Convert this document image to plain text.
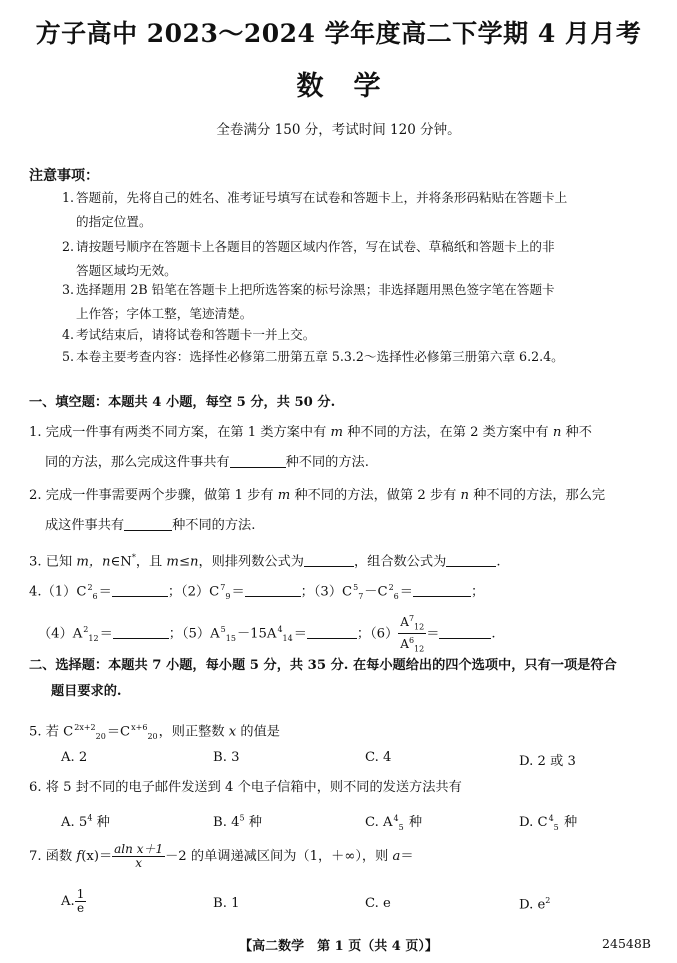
方子高中 2023～2024 学年度高二下学期 4 月月考
数学
全卷满分 150 分，考试时间 120 分钟。
注意事项：
1. 答题前，先将自己的姓名、准考证号填写在试卷和答题卡上，并将条形码粘贴在答题卡上
的指定位置。
2. 请按题号顺序在答题卡上各题目的答题区域内作答，写在试卷、草稿纸和答题卡上的非
答题区域均无效。
3. 选择题用 2B 铅笔在答题卡上把所选答案的标号涂黑；非选择题用黑色签字笔在答题卡
上作答；字体工整，笔迹清楚。
4. 考试结束后，请将试卷和答题卡一并上交。
5. 本卷主要考查内容：选择性必修第二册第五章 5.3.2～选择性必修第三册第六章 6.2.4。
一、填空题：本题共 4 小题，每空 5 分，共 50 分.
1. 完成一件事有两类不同方案，在第 1 类方案中有 m 种不同的方法，在第 2 类方案中有 n 种不
同的方法，那么完成这件事共有	种不同的方法.
2. 完成一件事需要两个步骤，做第 1 步有 m 种不同的方法，做第 2 步有 n 种不同的方法，那么完
成这件事共有	种不同的方法.
3. 已知 m，n∈N*，且 m≤n，则排列数公式为	，组合数公式为	.
$4.(1)C^2_6=$	；$(2)C^7_9=$	；$(3)C^5_7-C^2_6=$	；
$(4)A^2_{12}=$	；$(5)A^5_{15}-15A^4_{14}=$	；$(6) \frac{A^7_{12}}{A^6_{12}}$ ＝	.
二、选择题：本题共 7 小题，每小题 5 分，共 35 分. 在每小题给出的四个选项中，只有一项是符合
题目要求的.
5. 若 $C^{2x+2}_{20}=C^{x+6}_{20}$，则正整数 x 的值是
A. 2	B. 3	C. 4	D. 2 或 3
6. 将 5 封不同的电子邮件发送到 4 个电子信箱中，则不同的发送方法共有
A. $5^4$ 种	B. $4^5$ 种	C. $A^4_5$ 种	D. $C^4_5$ 种
7. 函数 $f(x)= \frac{\text{aln x＋1}}{x} -2$ 的单调递减区间为（1，＋∞），则 a＝
A. $\frac{1}{e}$	B. 1	C. e	D. $e^2$
【高二数学　第 1 页（共 4 页）】	24548B
